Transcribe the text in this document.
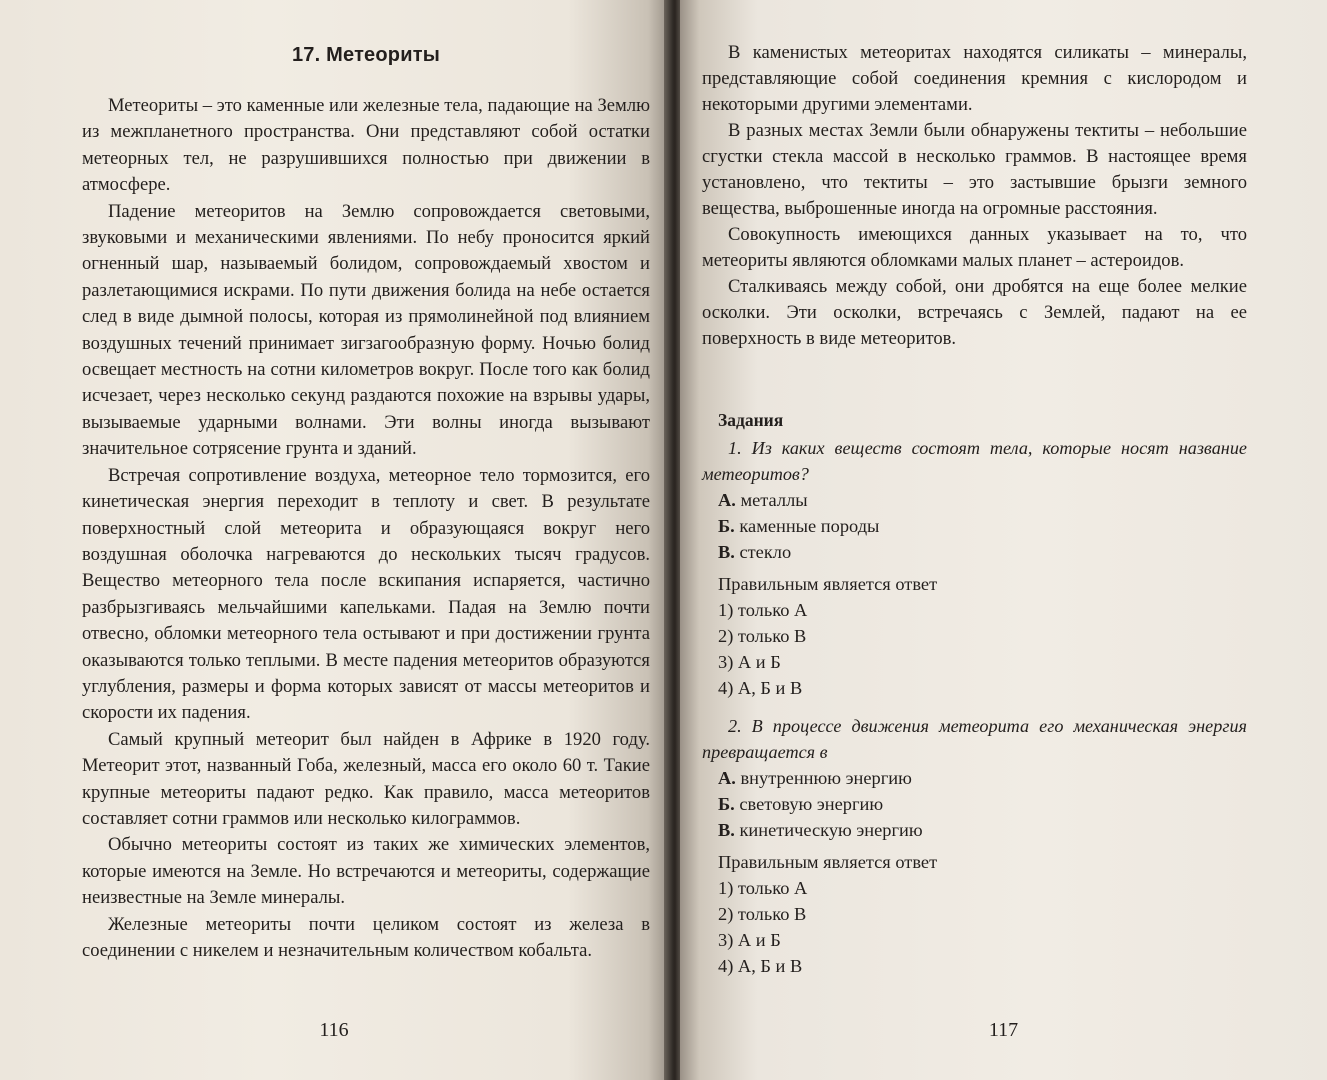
17. Метеориты

Метеориты – это каменные или железные тела, падающие на Землю из межпланетного пространства. Они представляют собой остатки метеорных тел, не разрушившихся полностью при движении в атмосфере.

Падение метеоритов на Землю сопровождается световыми, звуковыми и механическими явлениями. По небу проносится яркий огненный шар, называемый болидом, сопровождаемый хвостом и разлетающимися искрами. По пути движения болида на небе остается след в виде дымной полосы, которая из прямолинейной под влиянием воздушных течений принимает зигзагообразную форму. Ночью болид освещает местность на сотни километров вокруг. После того как болид исчезает, через несколько секунд раздаются похожие на взрывы удары, вызываемые ударными волнами. Эти волны иногда вызывают значительное сотрясение грунта и зданий.

Встречая сопротивление воздуха, метеорное тело тормозится, его кинетическая энергия переходит в теплоту и свет. В результате поверхностный слой метеорита и образующаяся вокруг него воздушная оболочка нагреваются до нескольких тысяч градусов. Вещество метеорного тела после вскипания испаряется, частично разбрызгиваясь мельчайшими капельками. Падая на Землю почти отвесно, обломки метеорного тела остывают и при достижении грунта оказываются только теплыми. В месте падения метеоритов образуются углубления, размеры и форма которых зависят от массы метеоритов и скорости их падения.

Самый крупный метеорит был найден в Африке в 1920 году. Метеорит этот, названный Гоба, железный, масса его около 60 т. Такие крупные метеориты падают редко. Как правило, масса метеоритов составляет сотни граммов или несколько килограммов.

Обычно метеориты состоят из таких же химических элементов, которые имеются на Земле. Но встречаются и метеориты, содержащие неизвестные на Земле минералы.

Железные метеориты почти целиком состоят из железа в соединении с никелем и незначительным количеством кобальта.

116

В каменистых метеоритах находятся силикаты – минералы, представляющие собой соединения кремния с кислородом и некоторыми другими элементами.

В разных местах Земли были обнаружены тектиты – небольшие сгустки стекла массой в несколько граммов. В настоящее время установлено, что тектиты – это застывшие брызги земного вещества, выброшенные иногда на огромные расстояния.

Совокупность имеющихся данных указывает на то, что метеориты являются обломками малых планет – астероидов.

Сталкиваясь между собой, они дробятся на еще более мелкие осколки. Эти осколки, встречаясь с Землей, падают на ее поверхность в виде метеоритов.

Задания

1. Из каких веществ состоят тела, которые носят название метеоритов?

А. металлы

Б. каменные породы

В. стекло

Правильным является ответ

1) только А

2) только В

3) А и Б

4) А, Б и В

2. В процессе движения метеорита его механическая энергия превращается в

А. внутреннюю энергию

Б. световую энергию

В. кинетическую энергию

Правильным является ответ

1) только А

2) только В

3) А и Б

4) А, Б и В

117
